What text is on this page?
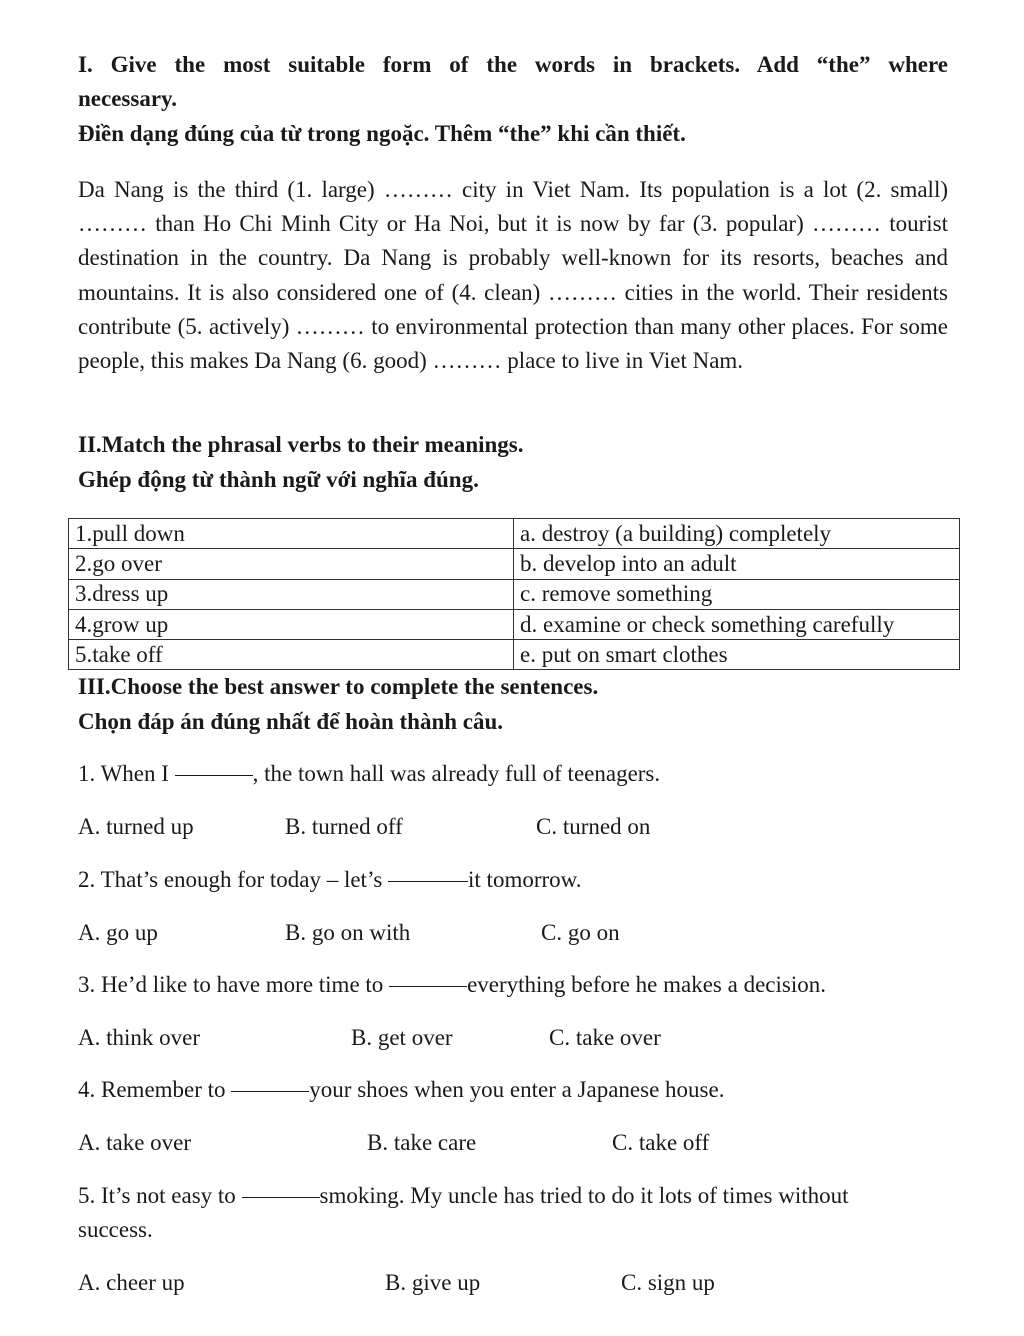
I. Give the most suitable form of the words in brackets. Add “the” where
necessary.
Điền dạng đúng của từ trong ngoặc. Thêm “the” khi cần thiết.
Da Nang is the third (1. large) ……… city in Viet Nam. Its population is a lot (2. small) ……… than Ho Chi Minh City or Ha Noi, but it is now by far (3. popular) ……… tourist destination in the country. Da Nang is probably well-known for its resorts, beaches and mountains. It is also considered one of (4. clean) ……… cities in the world. Their residents contribute (5. actively) ……… to environmental protection than many other places. For some people, this makes Da Nang (6. good) ……… place to live in Viet Nam.
II.Match the phrasal verbs to their meanings.
Ghép động từ thành ngữ với nghĩa đúng.
1.pull down	a. destroy (a building) completely
2.go over	b. develop into an adult
3.dress up	c. remove something
4.grow up	d. examine or check something carefully
5.take off	e. put on smart clothes
III.Choose the best answer to complete the sentences.
Chọn đáp án đúng nhất để hoàn thành câu.
1. When I	, the town hall was already full of teenagers.
A. turned up	B. turned off	C. turned on
2. That’s enough for today – let’s	it tomorrow.
A. go up	B. go on with	C. go on
3. He’d like to have more time to	everything before he makes a decision.
A. think over	B. get over	C. take over
4. Remember to	your shoes when you enter a Japanese house.
A. take over	B. take care	C. take off
5. It’s not easy to	smoking. My uncle has tried to do it lots of times without
success.
A. cheer up	B. give up	C. sign up
